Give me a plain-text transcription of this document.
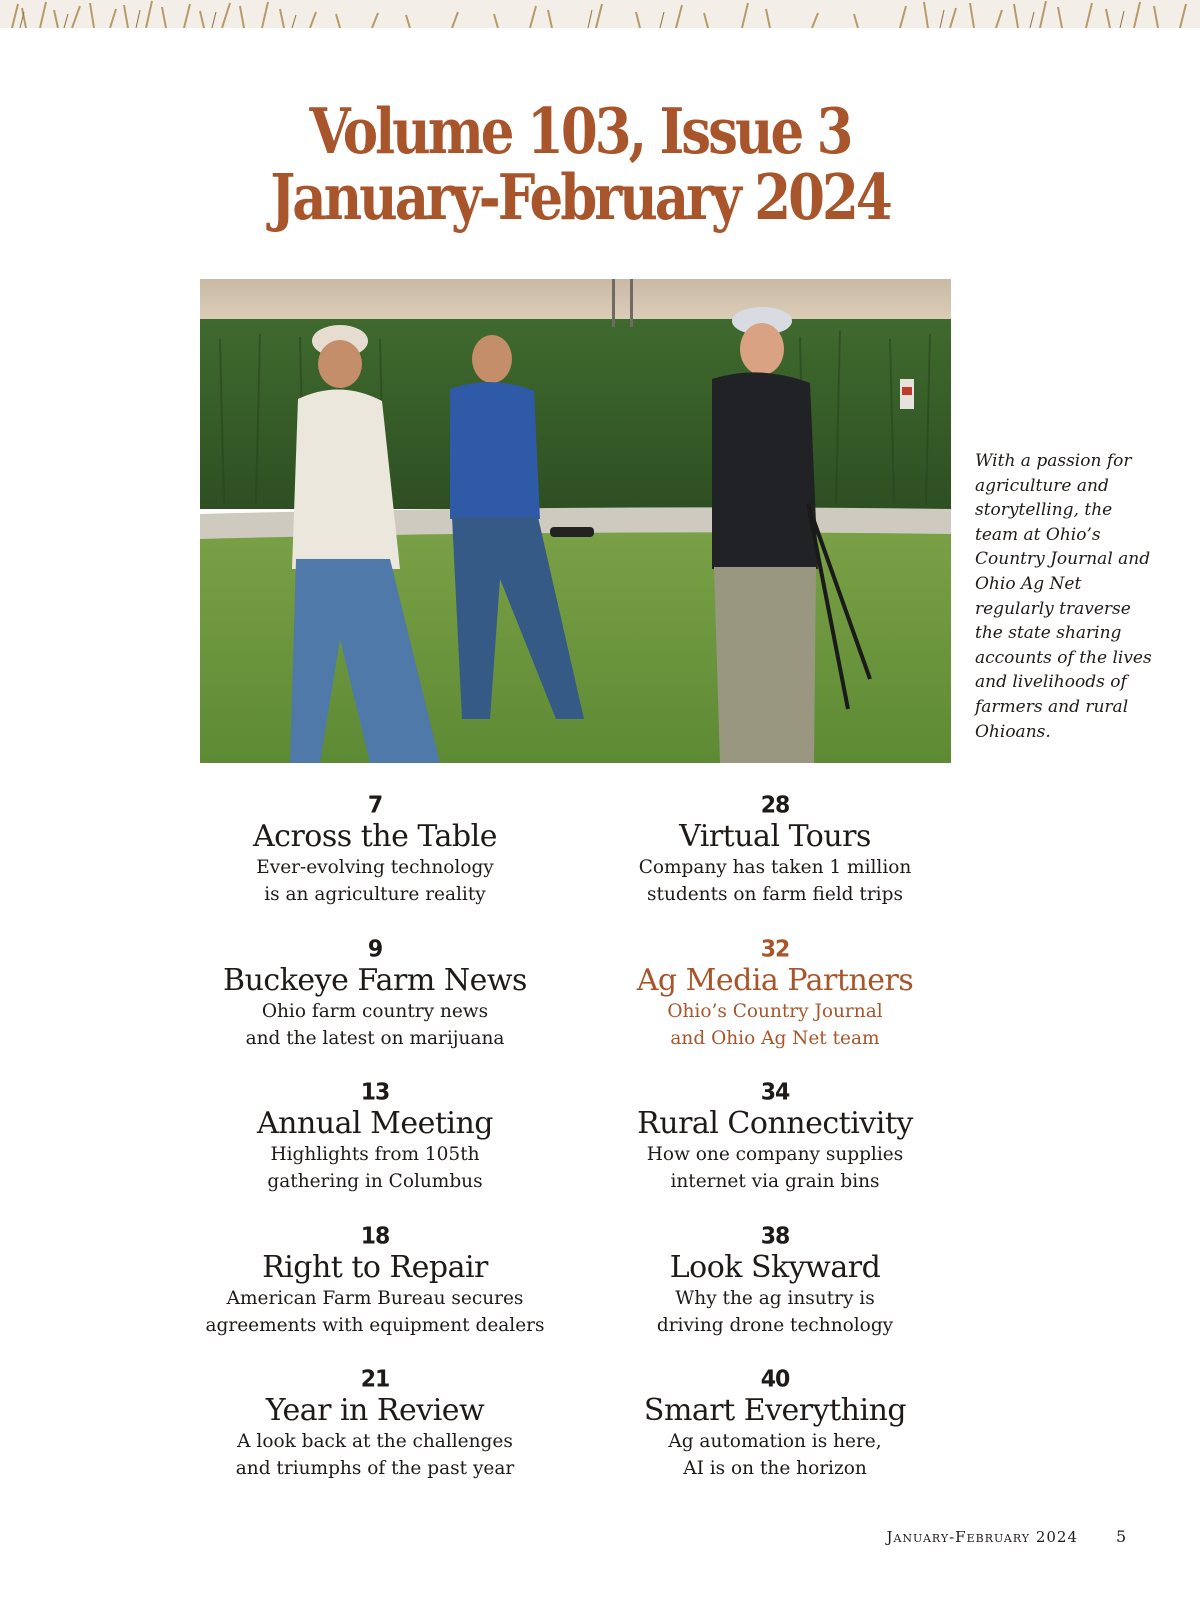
Volume 103, Issue 3
January-February 2024

With a passion for agriculture and storytelling, the team at Ohio’s Country Journal and Ohio Ag Net regularly traverse the state sharing accounts of the lives and livelihoods of farmers and rural Ohioans.

7
Across the Table
Ever-evolving technology
is an agriculture reality
9
Buckeye Farm News
Ohio farm country news
and the latest on marijuana
13
Annual Meeting
Highlights from 105th
gathering in Columbus
18
Right to Repair
American Farm Bureau secures
agreements with equipment dealers
21
Year in Review
A look back at the challenges
and triumphs of the past year
28
Virtual Tours
Company has taken 1 million
students on farm field trips
32
Ag Media Partners
Ohio’s Country Journal
and Ohio Ag Net team
34
Rural Connectivity
How one company supplies
internet via grain bins
38
Look Skyward
Why the ag insutry is
driving drone technology
40
Smart Everything
Ag automation is here,
AI is on the horizon
January-February 2024 5
